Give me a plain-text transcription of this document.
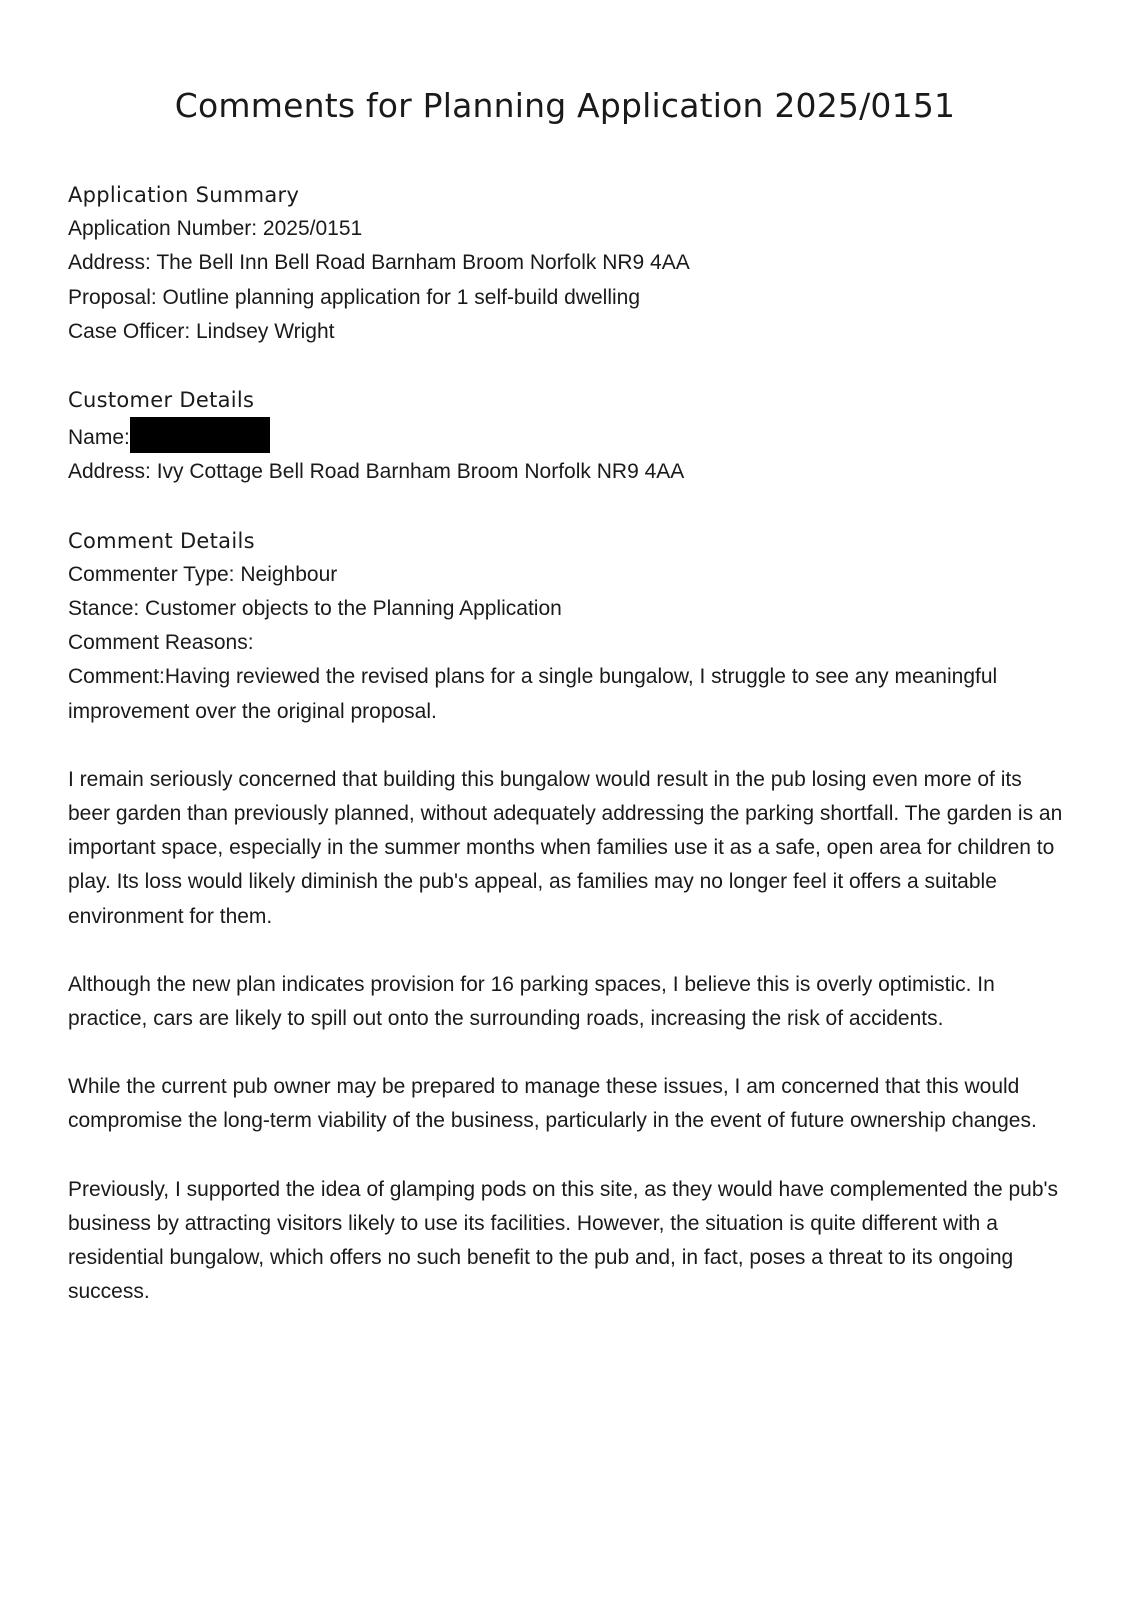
Comments for Planning Application 2025/0151

Application Summary

Application Number: 2025/0151

Address: The Bell Inn Bell Road Barnham Broom Norfolk NR9 4AA

Proposal: Outline planning application for 1 self-build dwelling

Case Officer: Lindsey Wright

Customer Details

Name:

Address: Ivy Cottage Bell Road Barnham Broom Norfolk NR9 4AA

Comment Details

Commenter Type: Neighbour

Stance: Customer objects to the Planning Application

Comment Reasons:

Comment:Having reviewed the revised plans for a single bungalow, I struggle to see any meaningful improvement over the original proposal.

I remain seriously concerned that building this bungalow would result in the pub losing even more of its beer garden than previously planned, without adequately addressing the parking shortfall. The garden is an important space, especially in the summer months when families use it as a safe, open area for children to play. Its loss would likely diminish the pub's appeal, as families may no longer feel it offers a suitable environment for them.

Although the new plan indicates provision for 16 parking spaces, I believe this is overly optimistic. In practice, cars are likely to spill out onto the surrounding roads, increasing the risk of accidents.

While the current pub owner may be prepared to manage these issues, I am concerned that this would compromise the long-term viability of the business, particularly in the event of future ownership changes.

Previously, I supported the idea of glamping pods on this site, as they would have complemented the pub's business by attracting visitors likely to use its facilities. However, the situation is quite different with a residential bungalow, which offers no such benefit to the pub and, in fact, poses a threat to its ongoing success.
